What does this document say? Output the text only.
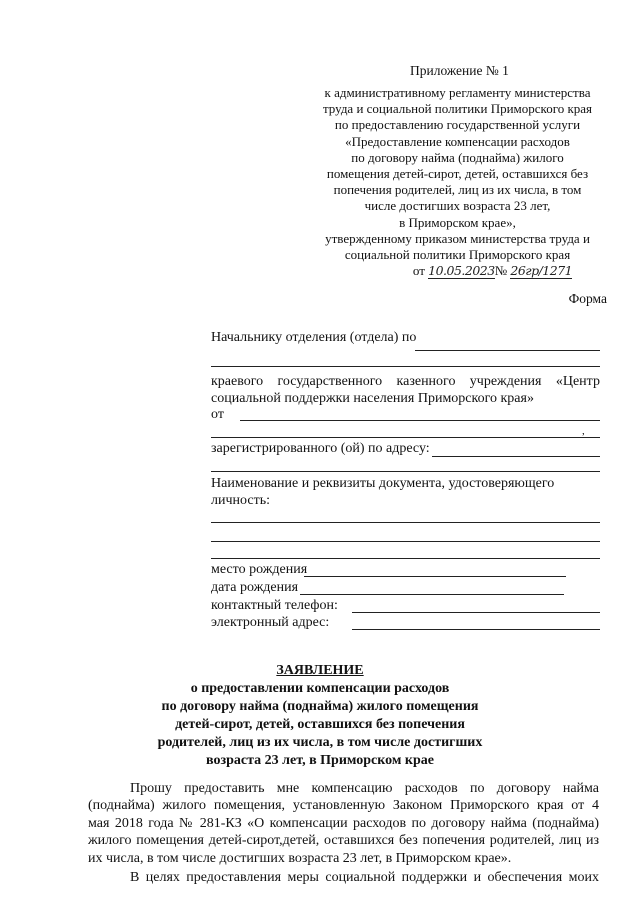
Приложение № 1
к административному регламенту министерства
труда и социальной политики Приморского края
по предоставлению государственной услуги
«Предоставление компенсации расходов
по договору найма (поднайма) жилого
помещения детей-сирот, детей, оставшихся без
попечения родителей, лиц из их числа, в том
числе достигших возраста 23 лет,
в Приморском крае»,
утвержденному приказом министерства труда и
социальной политики Приморского края
от 10.05.2023№ 26гр/1271
Форма
Начальнику отделения (отдела) по
краевого государственного казенного учреждения «Центр
социальной поддержки населения Приморского края»
от
,
зарегистрированного (ой) по адресу:
Наименование и реквизиты документа, удостоверяющего
личность:
место рождения
дата рождения
контактный телефон:
электронный адрес:
ЗАЯВЛЕНИЕ
о предоставлении компенсации расходов
по договору найма (поднайма) жилого помещения
детей-сирот, детей, оставшихся без попечения
родителей, лиц из их числа, в том числе достигших
возраста 23 лет, в Приморском крае
Прошу предоставить мне компенсацию расходов по договору найма
(поднайма) жилого помещения, установленную Законом Приморского края от 4
мая 2018 года № 281-КЗ «О компенсации расходов по договору найма (поднайма)
жилого помещения детей-сирот,детей, оставшихся без попечения родителей, лиц из
их числа, в том числе достигших возраста 23 лет, в Приморском крае».
В целях предоставления меры социальной поддержки и обеспечения моих
